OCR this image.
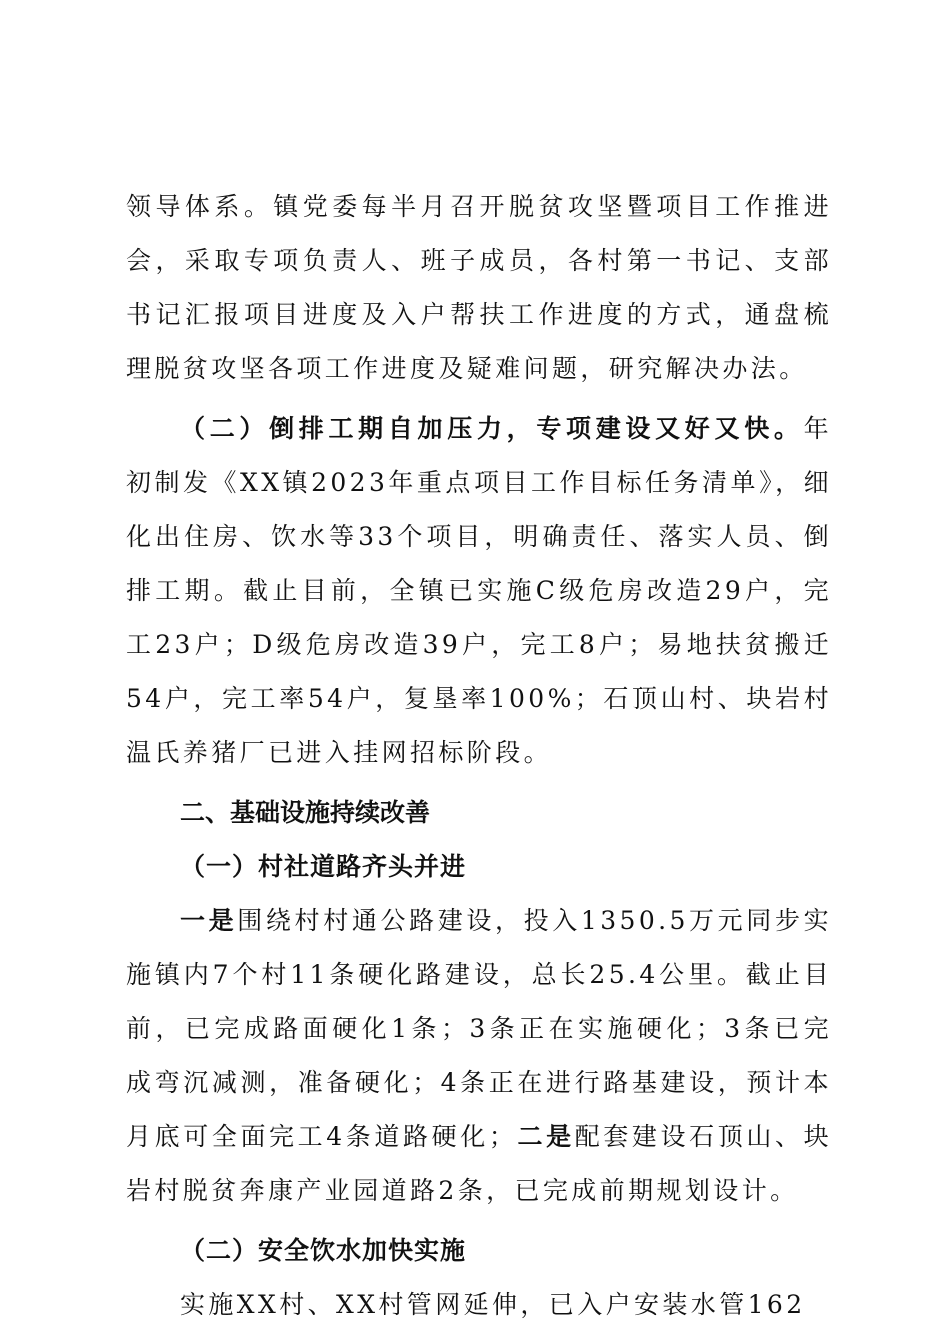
领导体系。镇党委每半月召开脱贫攻坚暨项目工作推进会，采取专项负责人、班子成员，各村第一书记、支部书记汇报项目进度及入户帮扶工作进度的方式，通盘梳理脱贫攻坚各项工作进度及疑难问题，研究解决办法。

（二）倒排工期自加压力，专项建设又好又快。年初制发《XX镇2023年重点项目工作目标任务清单》，细化出住房、饮水等33个项目，明确责任、落实人员、倒排工期。截止目前，全镇已实施C级危房改造29户，完工23户；D级危房改造39户，完工8户；易地扶贫搬迁54户，完工率54户，复垦率100%；石顶山村、块岩村温氏养猪厂已进入挂网招标阶段。

二、基础设施持续改善

（一）村社道路齐头并进

一是围绕村村通公路建设，投入1350.5万元同步实施镇内7个村11条硬化路建设，总长25.4公里。截止目前，已完成路面硬化1条；3条正在实施硬化；3条已完成弯沉减测，准备硬化；4条正在进行路基建设，预计本月底可全面完工4条道路硬化；二是配套建设石顶山、块岩村脱贫奔康产业园道路2条，已完成前期规划设计。

（二）安全饮水加快实施

实施XX村、XX村管网延伸，已入户安装水管162
